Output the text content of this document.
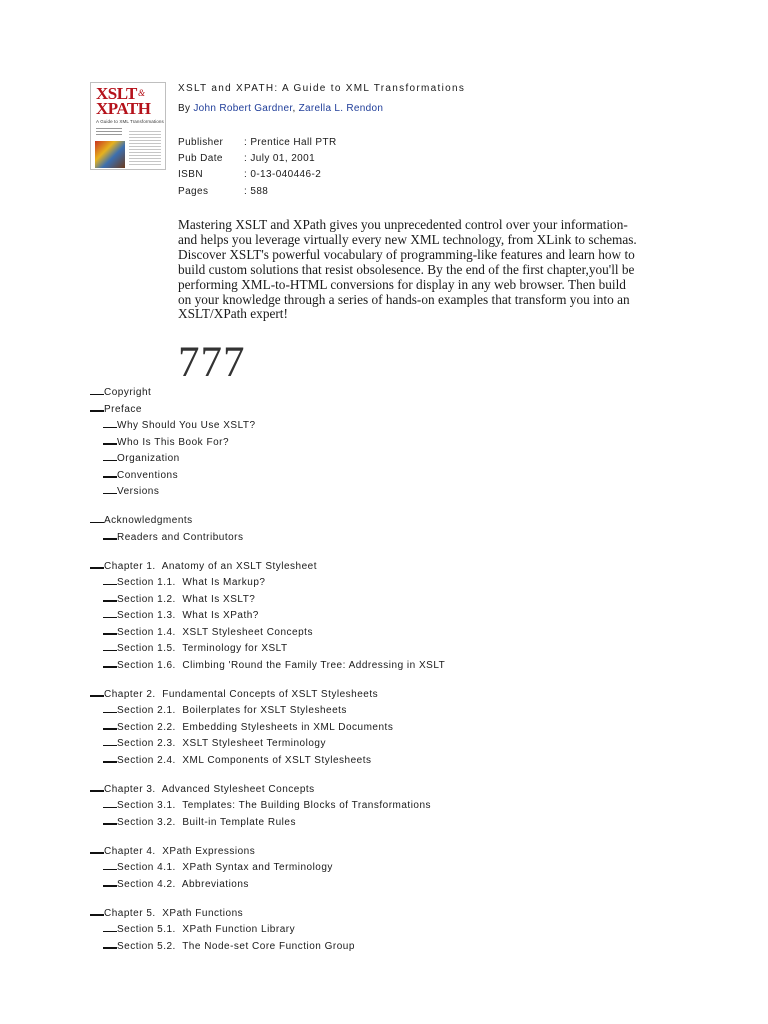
XSLT
XPATH
&
A Guide to XML Transformations
XSLT and XPATH: A Guide to XML Transformations
By John Robert Gardner, Zarella L. Rendon
Publisher : Prentice Hall PTR
Pub Date : July 01, 2001
ISBN	: 0-13-040446-2
Pages	: 588

Mastering XSLT and XPath gives you unprecedented control over your information-and helps you leverage virtually every new XML technology, from XLink to schemas. Discover XSLT's powerful vocabulary of programming-like features and learn how to build custom solutions that resist obsolesence. By the end of the first chapter,you'll be performing XML-to-HTML conversions for display in any web browser. Then build on your knowledge through a series of hands-on examples that transform you into an XSLT/XPath expert!

777
Copyright
Preface
Why Should You Use XSLT?
Who Is This Book For?
Organization
Conventions
Versions
Acknowledgments
Readers and Contributors
Chapter 1.  Anatomy of an XSLT Stylesheet
Section 1.1.  What Is Markup?
Section 1.2.  What Is XSLT?
Section 1.3.  What Is XPath?
Section 1.4.  XSLT Stylesheet Concepts
Section 1.5.  Terminology for XSLT
Section 1.6.  Climbing 'Round the Family Tree: Addressing in XSLT
Chapter 2.  Fundamental Concepts of XSLT Stylesheets
Section 2.1.  Boilerplates for XSLT Stylesheets
Section 2.2.  Embedding Stylesheets in XML Documents
Section 2.3.  XSLT Stylesheet Terminology
Section 2.4.  XML Components of XSLT Stylesheets
Chapter 3.  Advanced Stylesheet Concepts
Section 3.1.  Templates: The Building Blocks of Transformations
Section 3.2.  Built-in Template Rules
Chapter 4.  XPath Expressions
Section 4.1.  XPath Syntax and Terminology
Section 4.2.  Abbreviations
Chapter 5.  XPath Functions
Section 5.1.  XPath Function Library
Section 5.2.  The Node-set Core Function Group
